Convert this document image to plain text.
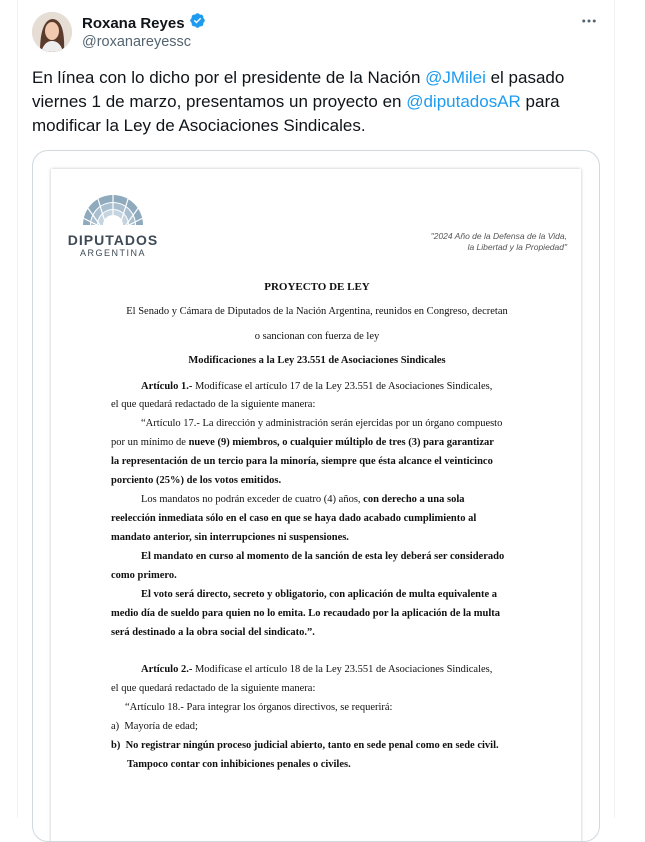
Roxana Reyes
@roxanareyessc
En línea con lo dicho por el presidente de la Nación @JMilei el pasado viernes 1 de marzo, presentamos un proyecto en @diputadosAR para modificar la Ley de Asociaciones Sindicales.
DIPUTADOS
ARGENTINA
"2024 Año de la Defensa de la Vida,
la Libertad y la Propiedad"
PROYECTO DE LEY
El Senado y Cámara de Diputados de la Nación Argentina, reunidos en Congreso, decretan
o sancionan con fuerza de ley
Modificaciones a la Ley 23.551 de Asociaciones Sindicales
Artículo 1.- Modifícase el artículo 17 de la Ley 23.551 de Asociaciones Sindicales,
el que quedará redactado de la siguiente manera:
“Artículo 17.- La dirección y administración serán ejercidas por un órgano compuesto
por un mínimo de nueve (9) miembros, o cualquier múltiplo de tres (3) para garantizar
la representación de un tercio para la minoría, siempre que ésta alcance el veinticinco
porciento (25%) de los votos emitidos.
Los mandatos no podrán exceder de cuatro (4) años, con derecho a una sola
reelección inmediata sólo en el caso en que se haya dado acabado cumplimiento al
mandato anterior, sin interrupciones ni suspensiones.
El mandato en curso al momento de la sanción de esta ley deberá ser considerado
como primero.
El voto será directo, secreto y obligatorio, con aplicación de multa equivalente a
medio día de sueldo para quien no lo emita. Lo recaudado por la aplicación de la multa
será destinado a la obra social del sindicato.”.
Artículo 2.- Modifícase el artículo 18 de la Ley 23.551 de Asociaciones Sindicales,
el que quedará redactado de la siguiente manera:
“Artículo 18.- Para integrar los órganos directivos, se requerirá:
a) Mayoría de edad;
b) No registrar ningún proceso judicial abierto, tanto en sede penal como en sede civil.
Tampoco contar con inhibiciones penales o civiles.
